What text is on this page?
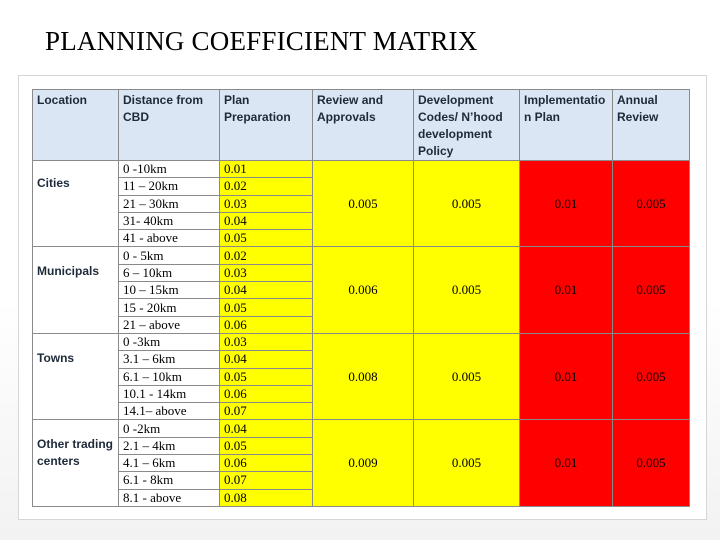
PLANNING COEFFICIENT MATRIX
Location	Distance from CBD	Plan Preparation	Review and Approvals	Development Codes/ N’hood development Policy	Implementation Plan	Annual Review
Cities	0 -10km	0.01	0.005	0.005	0.01	0.005
	11 – 20km	0.02				
	21 – 30km	0.03				
	31- 40km	0.04				
	41 - above	0.05				
Municipals	0 - 5km	0.02	0.006	0.005	0.01	0.005
	6 – 10km	0.03				
	10 – 15km	0.04				
	15 - 20km	0.05				
	21 – above	0.06				
Towns	0 -3km	0.03	0.008	0.005	0.01	0.005
	3.1 – 6km	0.04				
	6.1 – 10km	0.05				
	10.1 - 14km	0.06				
	14.1– above	0.07				
Other trading centers	0 -2km	0.04	0.009	0.005	0.01	0.005
	2.1 – 4km	0.05				
	4.1 – 6km	0.06				
	6.1 - 8km	0.07				
	8.1 - above	0.08				
